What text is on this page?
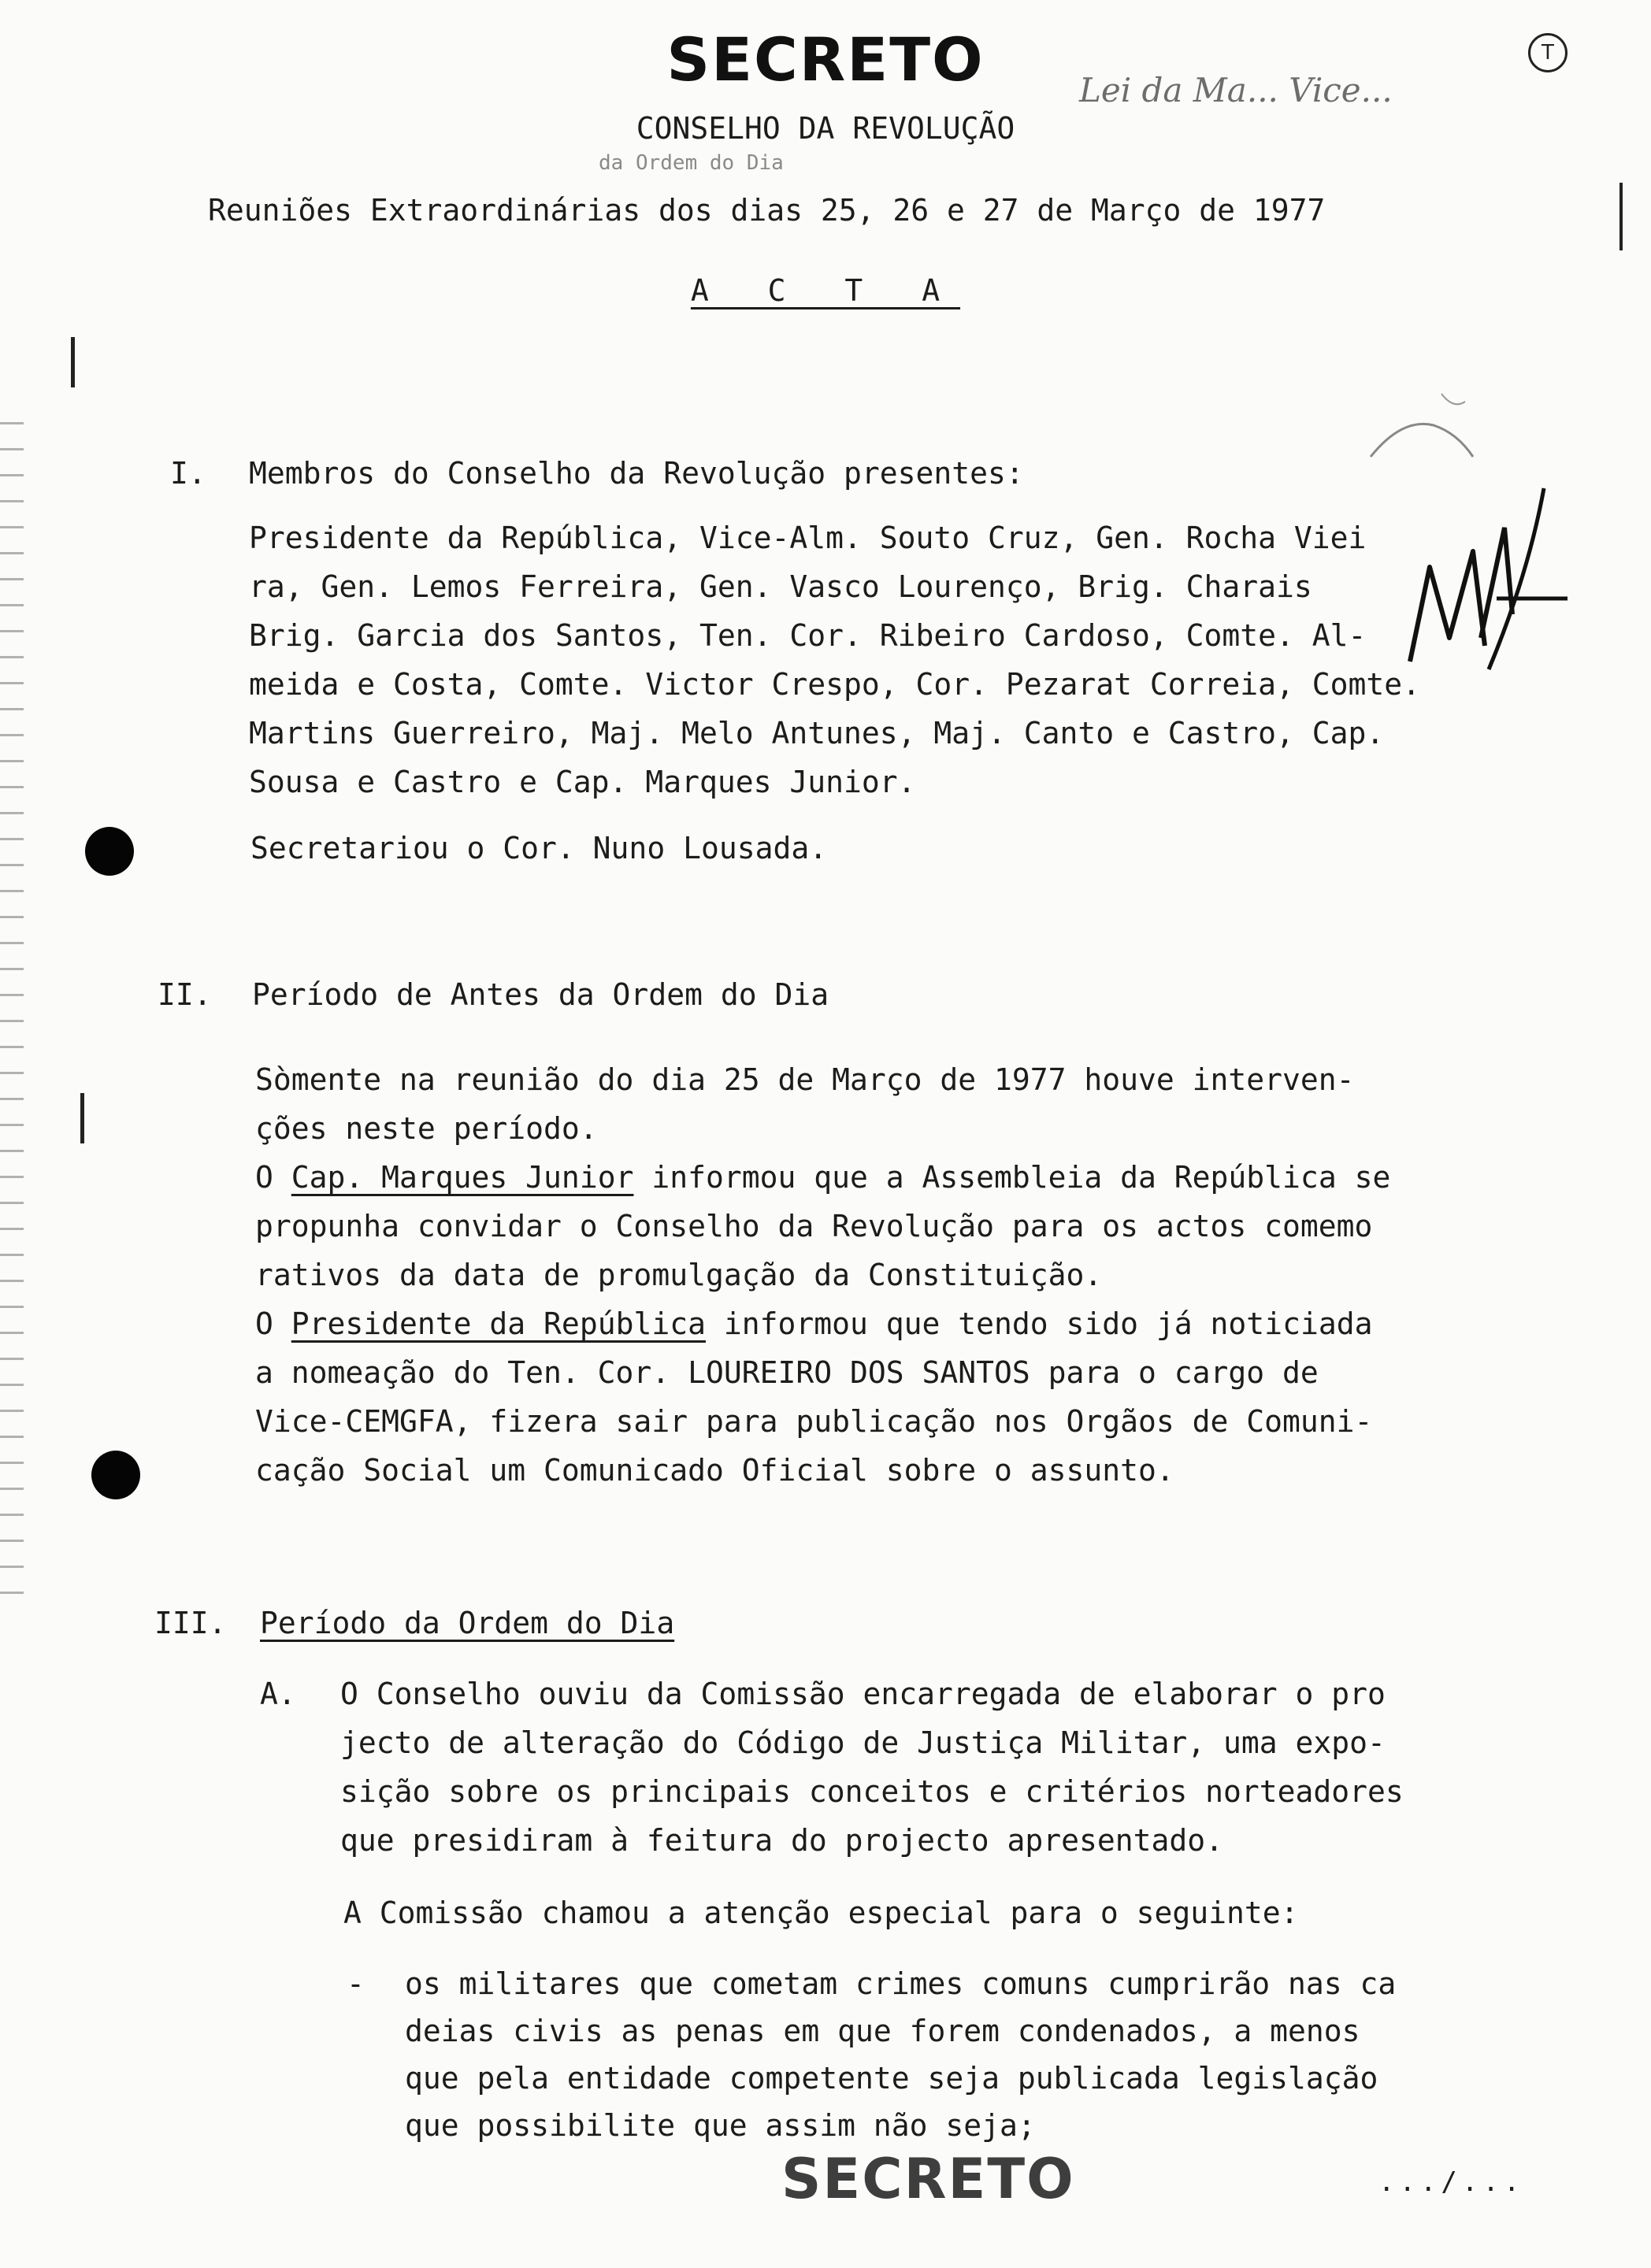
SECRETO	T
Lei da Ma... Vice...
CONSELHO DA REVOLUÇÃO
da Ordem do Dia
Reuniões Extraordinárias dos dias 25, 26 e 27 de Março de 1977
A C T A
I. Membros do Conselho da Revolução presentes:
Presidente da República, Vice-Alm. Souto Cruz, Gen. Rocha Viei
ra, Gen. Lemos Ferreira, Gen. Vasco Lourenço, Brig. Charais
Brig. Garcia dos Santos, Ten. Cor. Ribeiro Cardoso, Comte. Al-
meida e Costa, Comte. Victor Crespo, Cor. Pezarat Correia, Comte.
Martins Guerreiro, Maj. Melo Antunes, Maj. Canto e Castro, Cap.
Sousa e Castro e Cap. Marques Junior.
Secretariou o Cor. Nuno Lousada.
II. Período de Antes da Ordem do Dia
Sòmente na reunião do dia 25 de Março de 1977 houve interven-
ções neste período.
O Cap. Marques Junior informou que a Assembleia da República se
propunha convidar o Conselho da Revolução para os actos comemo
rativos da data de promulgação da Constituição.
O Presidente da República informou que tendo sido já noticiada
a nomeação do Ten. Cor. LOUREIRO DOS SANTOS para o cargo de
Vice-CEMGFA, fizera sair para publicação nos Orgãos de Comuni-
cação Social um Comunicado Oficial sobre o assunto.
III. Período da Ordem do Dia
A. O Conselho ouviu da Comissão encarregada de elaborar o pro
jecto de alteração do Código de Justiça Militar, uma expo-
sição sobre os principais conceitos e critérios norteadores
que presidiram à feitura do projecto apresentado.
A Comissão chamou a atenção especial para o seguinte:
- os militares que cometam crimes comuns cumprirão nas ca
deias civis as penas em que forem condenados, a menos
que pela entidade competente seja publicada legislação
que possibilite que assim não seja;
SECRETO	.../...
